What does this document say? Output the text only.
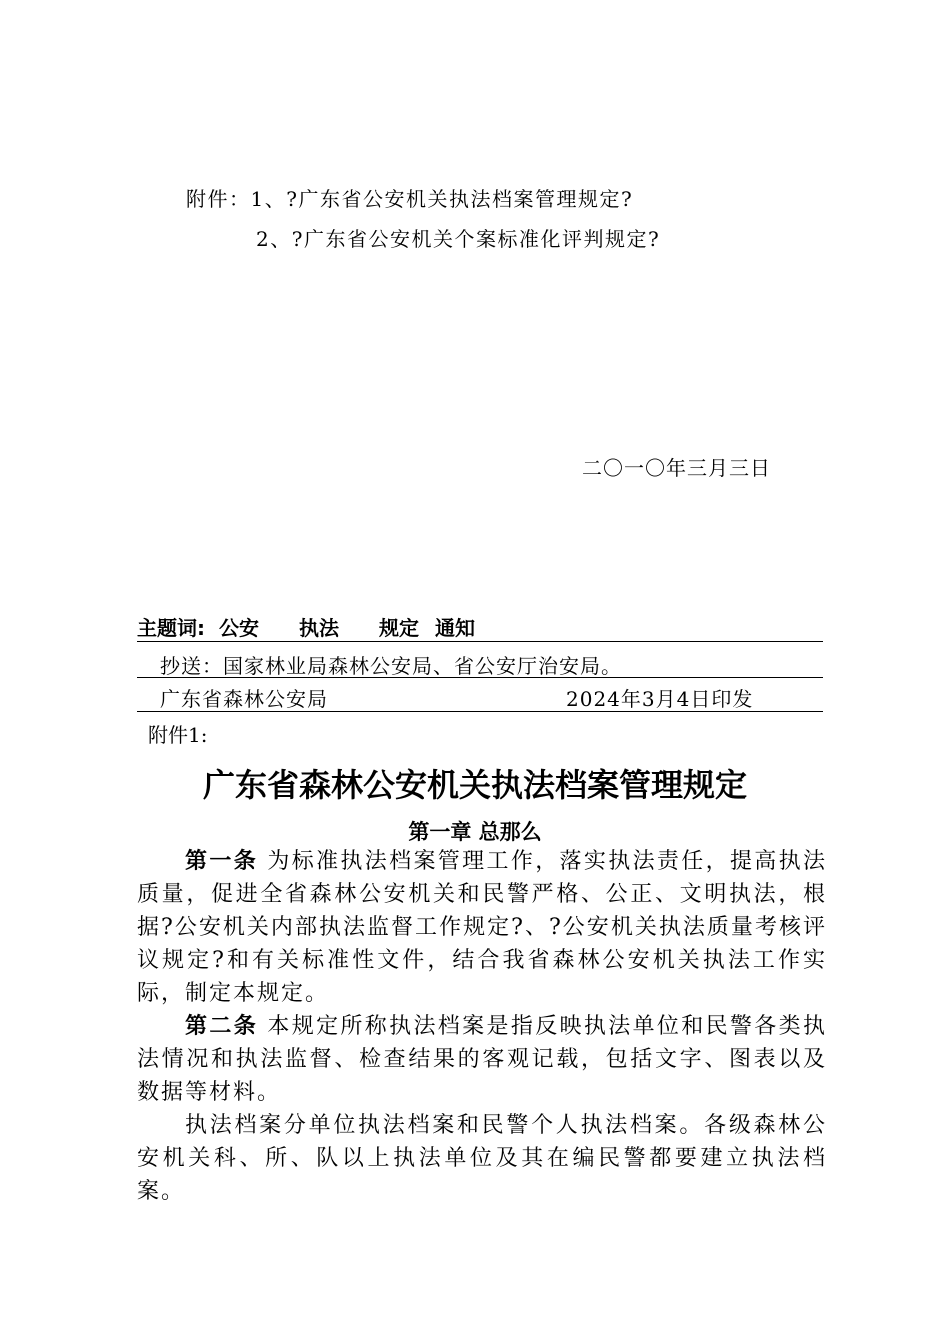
附件：1、?广东省公安机关执法档案管理规定?
2、?广东省公安机关个案标准化评判规定?
二〇一〇年三月三日
主题词: 公安 执法 规定 通知
抄送：国家林业局森林公安局、省公安厅治安局。
广东省森林公安局	2024年3月4日印发
附件1:
广东省森林公安机关执法档案管理规定
第一章 总那么

第一条 为标准执法档案管理工作，落实执法责任，提高执法质量，促进全省森林公安机关和民警严格、公正、文明执法，根据?公安机关内部执法监督工作规定?、?公安机关执法质量考核评议规定?和有关标准性文件，结合我省森林公安机关执法工作实际，制定本规定。

第二条 本规定所称执法档案是指反映执法单位和民警各类执法情况和执法监督、检查结果的客观记载，包括文字、图表以及数据等材料。

执法档案分单位执法档案和民警个人执法档案。各级森林公安机关科、所、队以上执法单位及其在编民警都要建立执法档案。
